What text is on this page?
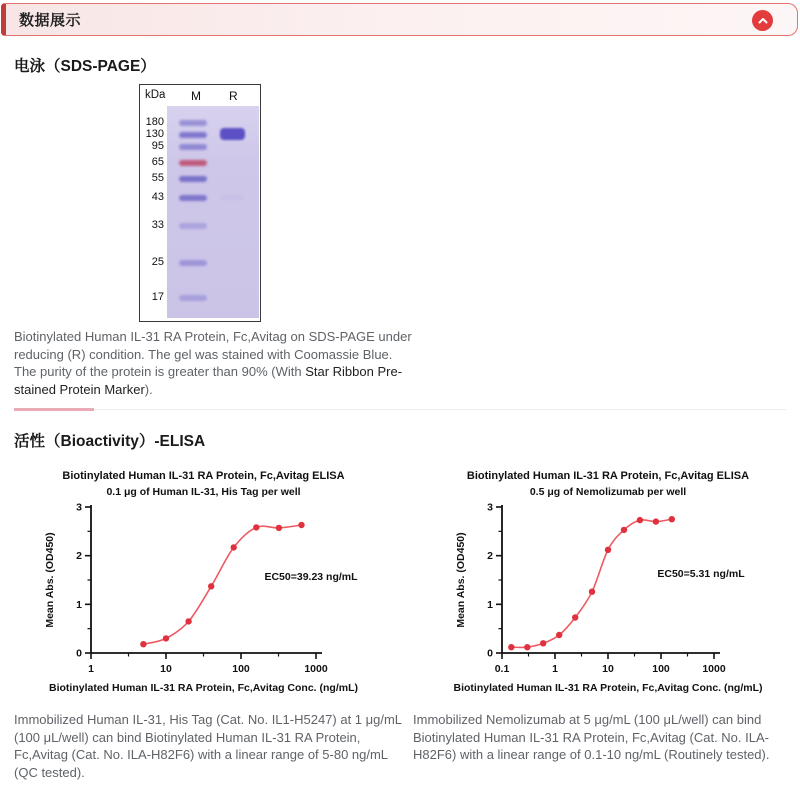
数据展示
电泳（SDS-PAGE）
kDa M R
180
130
95
65
55
43
33
25
17

Biotinylated Human IL-31 RA Protein, Fc,Avitag on SDS-PAGE under reducing (R) condition. The gel was stained with Coomassie Blue. The purity of the protein is greater than 90% (With Star Ribbon Pre-stained Protein Marker).

活性（Bioactivity）-ELISA
0
1
2
3
1	10	100	1000
Biotinylated Human IL-31 RA Protein, Fc,Avitag ELISA
0.1 μg of Human IL-31, His Tag per well
Biotinylated Human IL-31 RA Protein, Fc,Avitag Conc. (ng/mL)
Mean Abs. (OD450)	EC50=39.23 ng/mL
0
1
2
3
0.1	1	10	100	1000
Biotinylated Human IL-31 RA Protein, Fc,Avitag ELISA
0.5 μg of Nemolizumab per well
Biotinylated Human IL-31 RA Protein, Fc,Avitag Conc. (ng/mL)
Mean Abs. (OD450)	EC50=5.31 ng/mL

Immobilized Human IL-31, His Tag (Cat. No. IL1-H5247) at 1 μg/mL (100 μL/well) can bind Biotinylated Human IL-31 RA Protein, Fc,Avitag (Cat. No. ILA-H82F6) with a linear range of 5-80 ng/mL (QC tested).

Immobilized Nemolizumab at 5 μg/mL (100 μL/well) can bind Biotinylated Human IL-31 RA Protein, Fc,Avitag (Cat. No. ILA-H82F6) with a linear range of 0.1-10 ng/mL (Routinely tested).
